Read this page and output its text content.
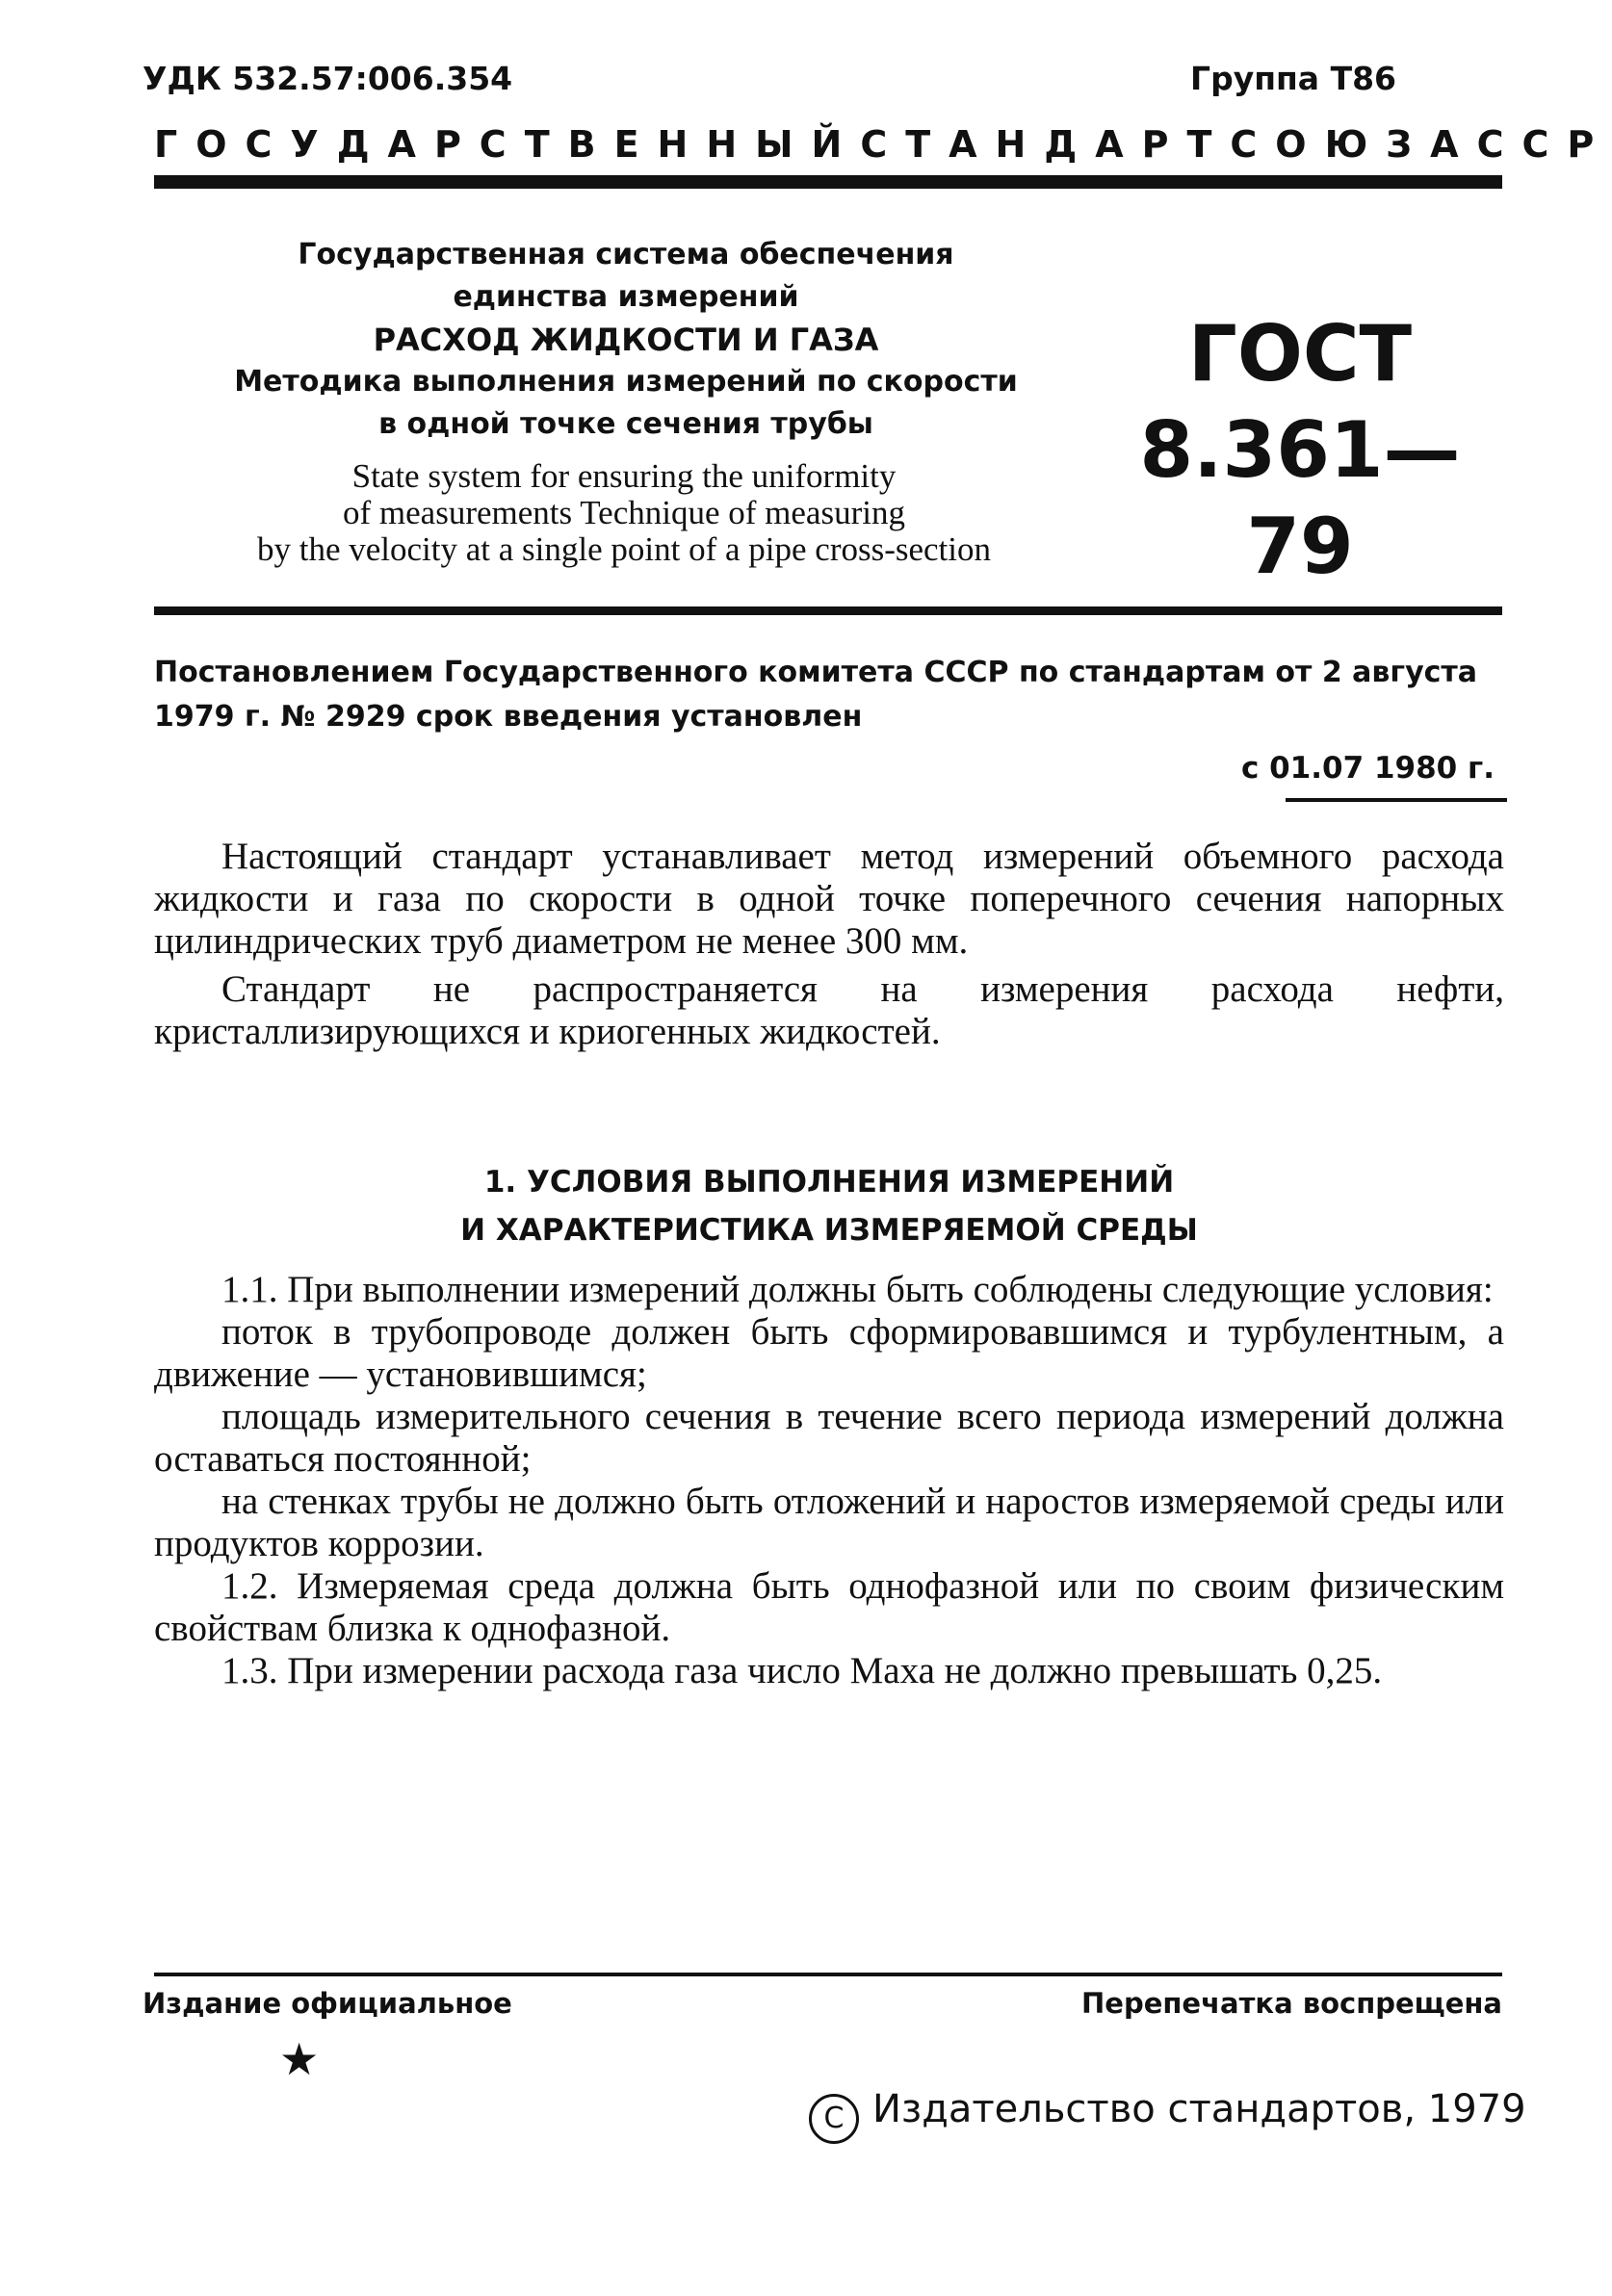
УДК 532.57:006.354	Группа Т86
ГОСУДАРСТВЕННЫЙ СТАНДАРТ СОЮЗА ССР
Государственная система обеспечения
единства измерений
РАСХОД ЖИДКОСТИ И ГАЗА
Методика выполнения измерений по скорости
в одной точке сечения трубы
State system for ensuring the uniformity
of measurements Technique of measuring
by the velocity at a single point of a pipe cross-section
ГОСТ
8.361—79
Постановлением Государственного комитета СССР по стандартам от 2 августа 1979 г. № 2929 срок введения установлен
с 01.07 1980 г.

Настоящий стандарт устанавливает метод измерений объемного расхода жидкости и газа по скорости в одной точке поперечного сечения напорных цилиндрических труб диаметром не менее 300 мм.

Стандарт не распространяется на измерения расхода нефти, кристаллизирующихся и криогенных жидкостей.

1. УСЛОВИЯ ВЫПОЛНЕНИЯ ИЗМЕРЕНИЙ
И ХАРАКТЕРИСТИКА ИЗМЕРЯЕМОЙ СРЕДЫ

1.1. При выполнении измерений должны быть соблюдены следующие условия:

поток в трубопроводе должен быть сформировавшимся и турбулентным, а движение — установившимся;

площадь измерительного сечения в течение всего периода измерений должна оставаться постоянной;

на стенках трубы не должно быть отложений и наростов измеряемой среды или продуктов коррозии.

1.2. Измеряемая среда должна быть однофазной или по своим физическим свойствам близка к однофазной.

1.3. При измерении расхода газа число Маха не должно превышать 0,25.

Издание официальное	Перепечатка воспрещена
★
C Издательство стандартов, 1979
